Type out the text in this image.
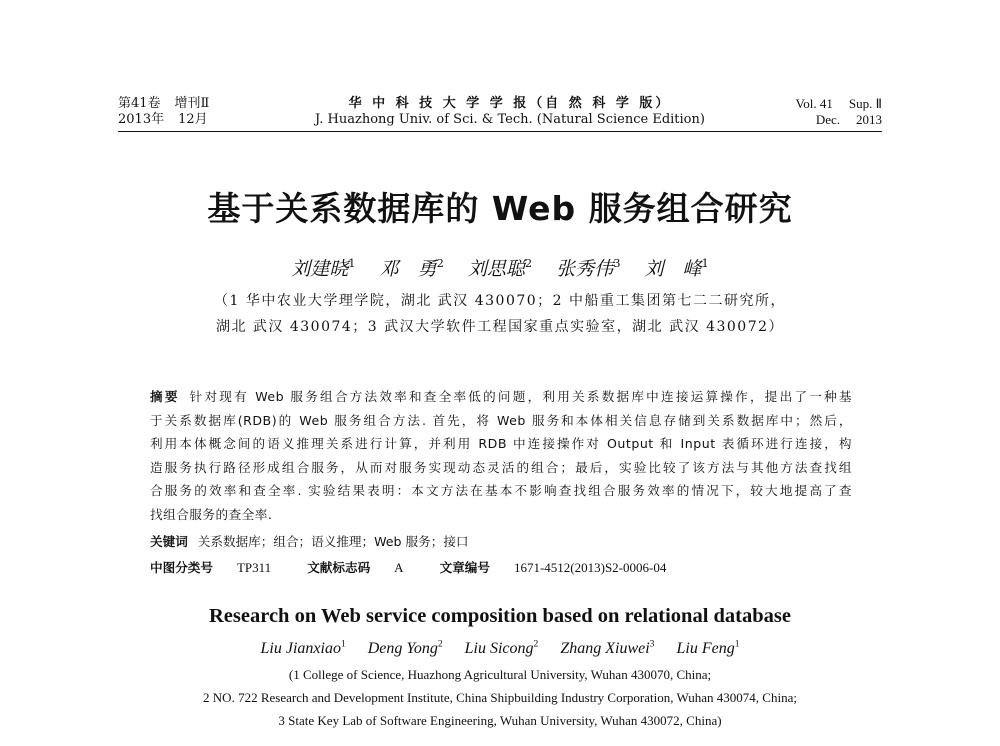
第41卷 增刊Ⅱ
2013年 12月
华 中 科 技 大 学 学 报（自 然 科 学 版）
J. Huazhong Univ. of Sci. & Tech. (Natural Science Edition)
Vol. 41 Sup. Ⅱ
Dec. 2013
基于关系数据库的 Web 服务组合研究
刘建晓$^1$ 邓　勇$^2$ 刘思聪$^2$ 张秀伟$^3$ 刘　峰$^1$
（1 华中农业大学理学院，湖北 武汉 430070；2 中船重工集团第七二二研究所，
湖北 武汉 430074；3 武汉大学软件工程国家重点实验室，湖北 武汉 430072）
摘要 针对现有 Web 服务组合方法效率和查全率低的问题，利用关系数据库中连接运算操作，提出了一种基
于关系数据库(RDB)的 Web 服务组合方法. 首先，将 Web 服务和本体相关信息存储到关系数据库中；然后，
利用本体概念间的语义推理关系进行计算，并利用 RDB 中连接操作对 Output 和 Input 表循环进行连接，构
造服务执行路径形成组合服务，从而对服务实现动态灵活的组合；最后，实验比较了该方法与其他方法查找组
合服务的效率和查全率. 实验结果表明：本文方法在基本不影响查找组合服务效率的情况下，较大地提高了查
找组合服务的查全率.
关键词 关系数据库；组合；语义推理；Web 服务；接口
中图分类号 TP311	文献标志码 A	文章编号 1671-4512(2013)S2-0006-04
Research on Web service composition based on relational database
Liu Jianxiao$^1$ Deng Yong$^2$ Liu Sicong$^2$ Zhang Xiuwei$^3$ Liu Feng$^1$
(1 College of Science, Huazhong Agricultural University, Wuhan 430070, China;
2 NO. 722 Research and Development Institute, China Shipbuilding Industry Corporation, Wuhan 430074, China;
3 State Key Lab of Software Engineering, Wuhan University, Wuhan 430072, China)
